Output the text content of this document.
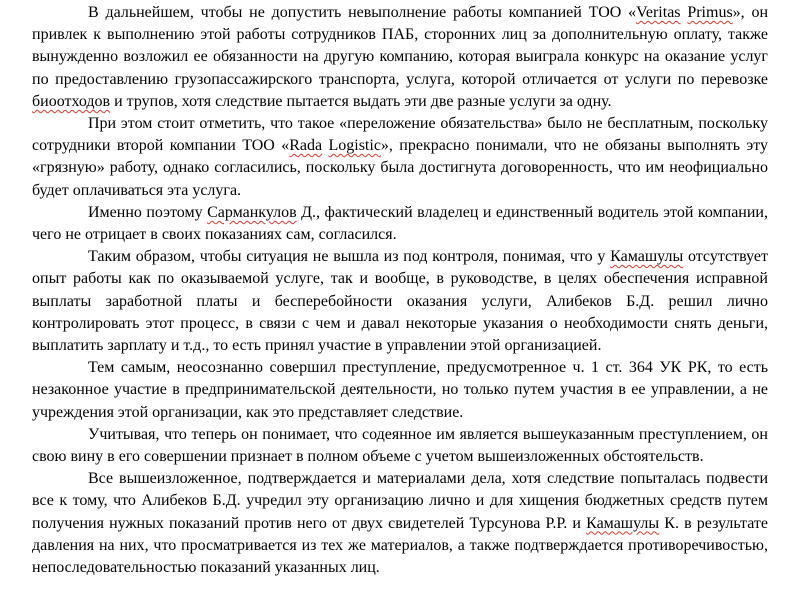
В дальнейшем, чтобы не допустить невыполнение работы компанией ТОО «Veritas Primus», он привлек к выполнению этой работы сотрудников ПАБ, сторонних лиц за дополнительную оплату, также вынужденно возложил ее обязанности на другую компанию, которая выиграла конкурс на оказание услуг по предоставлению грузопассажирского транспорта, услуга, которой отличается от услуги по перевозке биоотходов и трупов, хотя следствие пытается выдать эти две разные услуги за одну.

При этом стоит отметить, что такое «переложение обязательства» было не бесплатным, поскольку сотрудники второй компании ТОО «Rada Logistic», прекрасно понимали, что не обязаны выполнять эту «грязную» работу, однако согласились, поскольку была достигнута договоренность, что им неофициально будет оплачиваться эта услуга.

Именно поэтому Сарманкулов Д., фактический владелец и единственный водитель этой компании, чего не отрицает в своих показаниях сам, согласился.

Таким образом, чтобы ситуация не вышла из под контроля, понимая, что у Камашулы отсутствует опыт работы как по оказываемой услуге, так и вообще, в руководстве, в целях обеспечения исправной выплаты заработной платы и бесперебойности оказания услуги, Алибеков Б.Д. решил лично контролировать этот процесс, в связи с чем и давал некоторые указания о необходимости снять деньги, выплатить зарплату и т.д., то есть принял участие в управлении этой организацией.

Тем самым, неосознанно совершил преступление, предусмотренное ч. 1 ст. 364 УК РК, то есть незаконное участие в предпринимательской деятельности, но только путем участия в ее управлении, а не учреждения этой организации, как это представляет следствие.

Учитывая, что теперь он понимает, что содеянное им является вышеуказанным преступлением, он свою вину в его совершении признает в полном объеме с учетом вышеизложенных обстоятельств.

Все вышеизложенное, подтверждается и материалами дела, хотя следствие попыталась подвести все к тому, что Алибеков Б.Д. учредил эту организацию лично и для хищения бюджетных средств путем получения нужных показаний против него от двух свидетелей Турсунова Р.Р. и Камашулы К. в результате давления на них, что просматривается из тех же материалов, а также подтверждается противоречивостью, непоследовательностью показаний указанных лиц.
